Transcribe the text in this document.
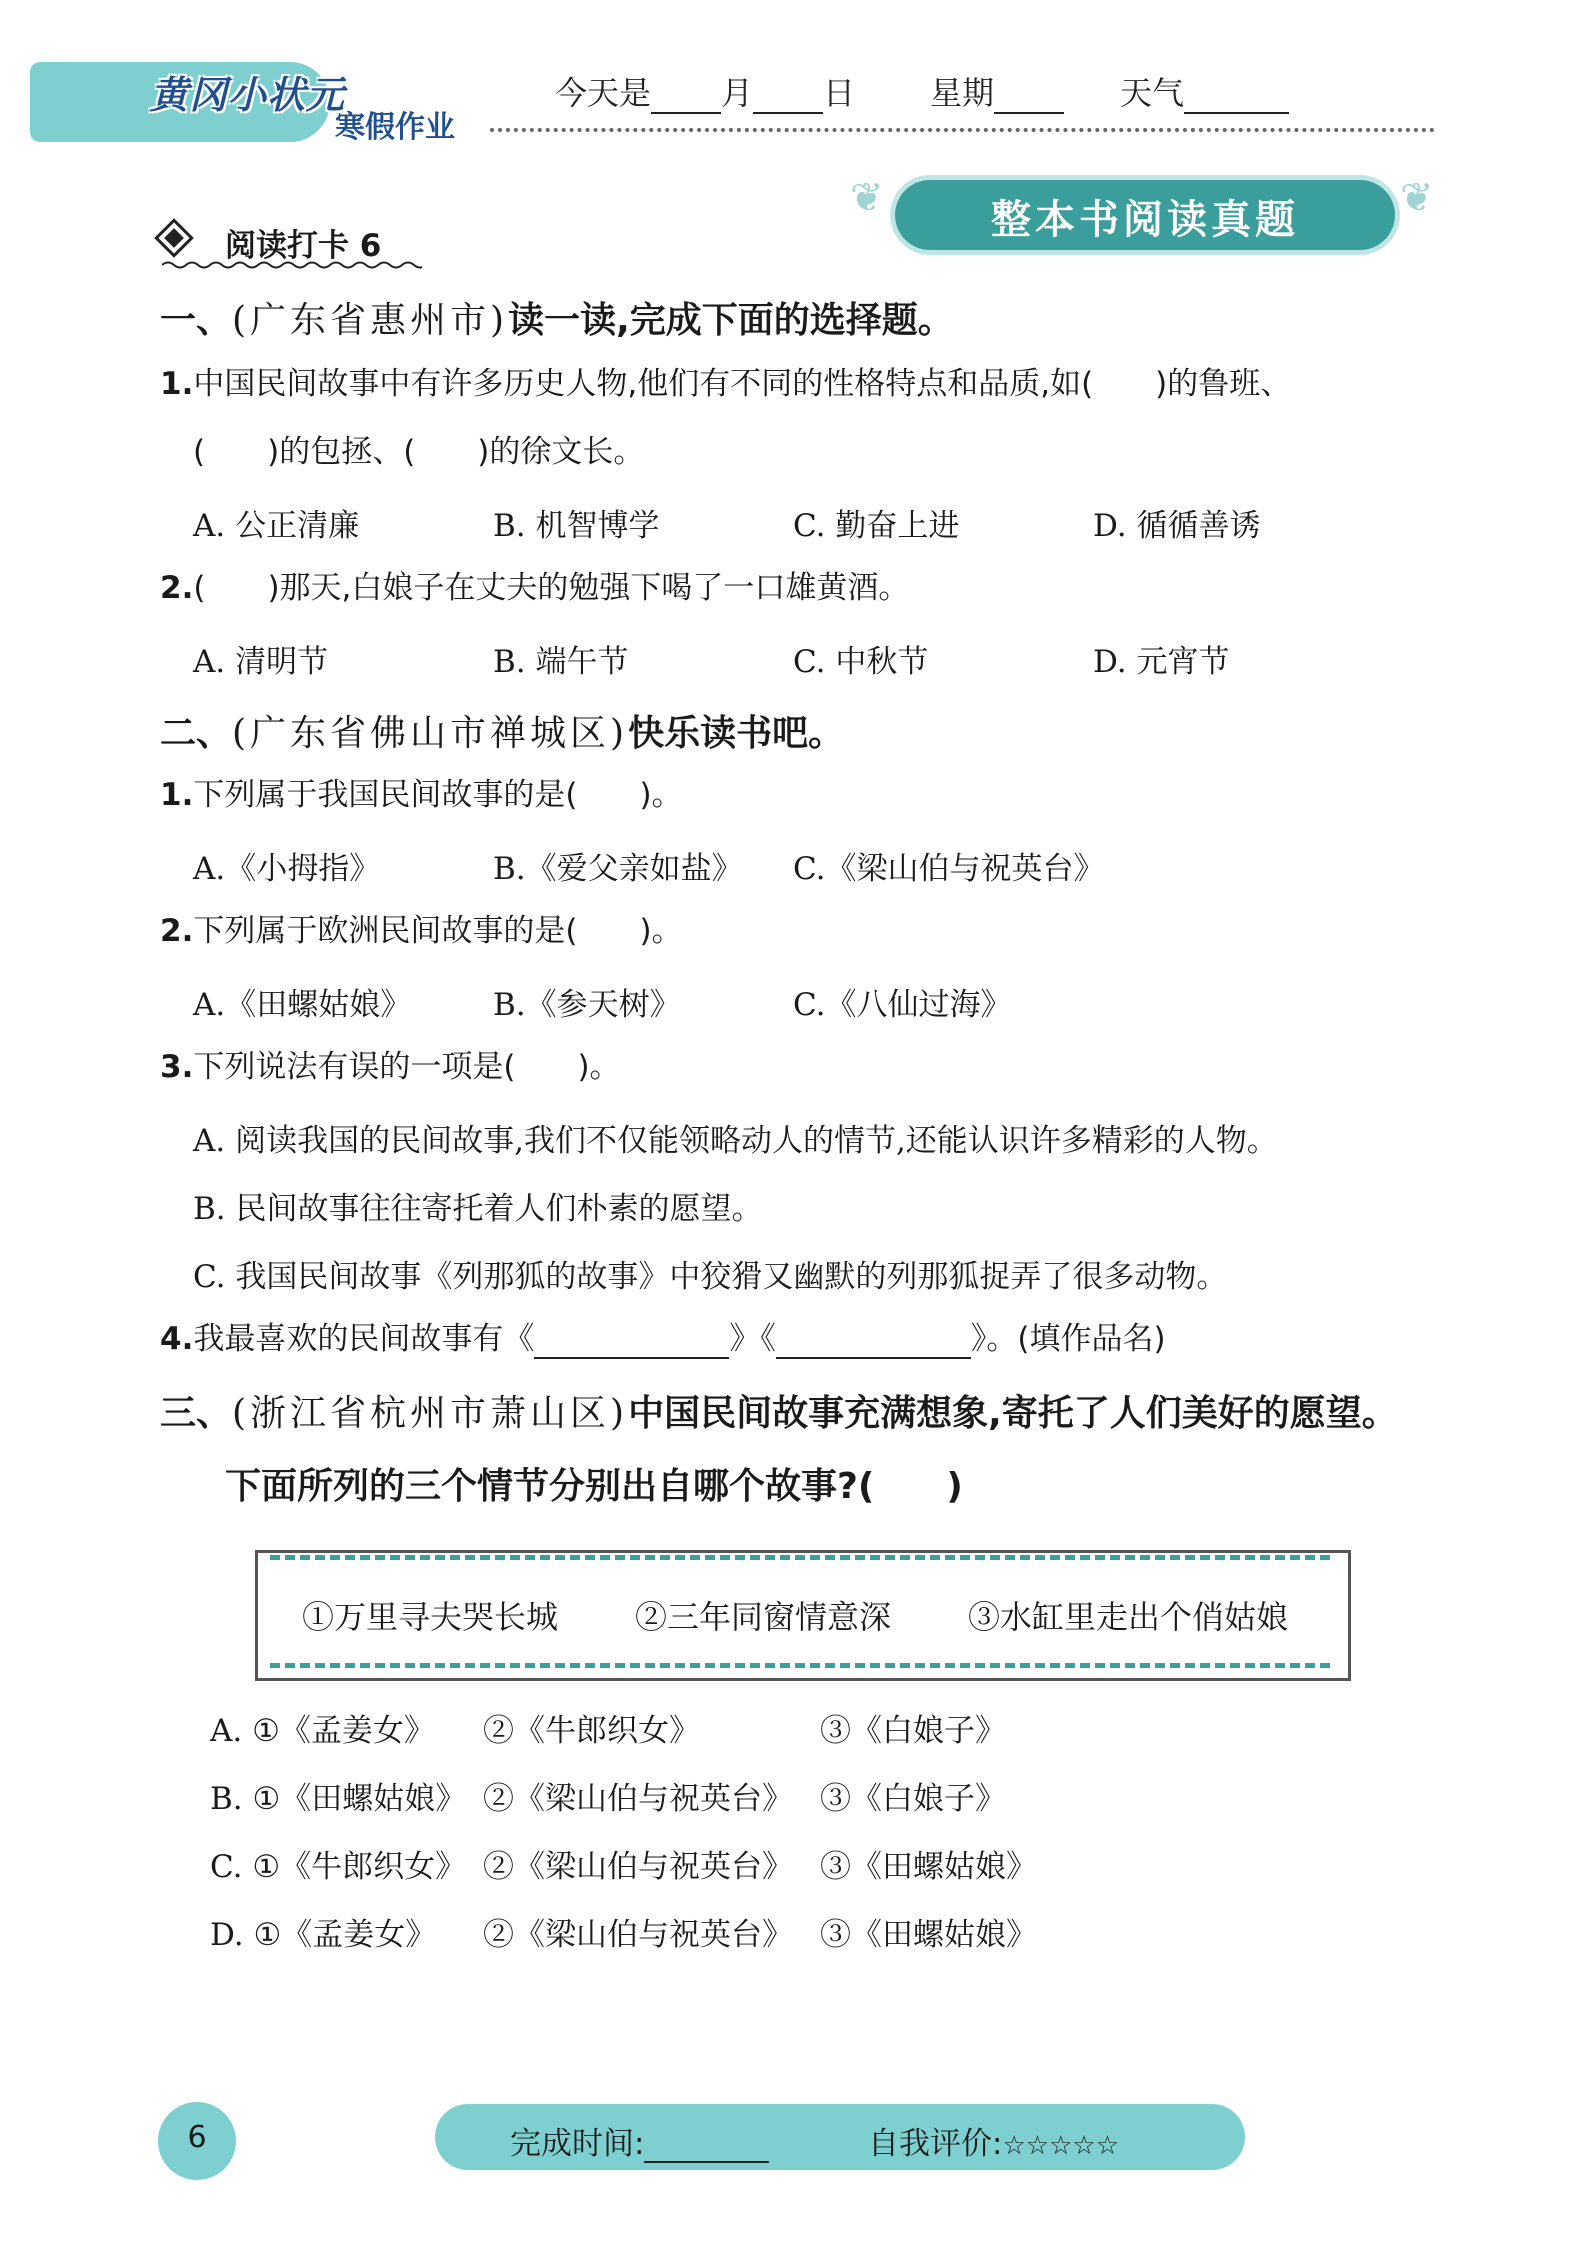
黄冈小状元
寒假作业
今天是 月 日 星期	天气
❦	❦
整本书阅读真题
阅读打卡 6
一、(广东省惠州市)读一读,完成下面的选择题。
1.中国民间故事中有许多历史人物,他们有不同的性格特点和品质,如(　　)的鲁班、
(　　)的包拯、(　　)的徐文长。
A. 公正清廉	B. 机智博学	C. 勤奋上进	D. 循循善诱
2.(　　)那天,白娘子在丈夫的勉强下喝了一口雄黄酒。
A. 清明节	B. 端午节	C. 中秋节	D. 元宵节
二、(广东省佛山市禅城区)快乐读书吧。
1.下列属于我国民间故事的是(　　)。
A.《小拇指》	B.《爱父亲如盐》 C.《梁山伯与祝英台》
2.下列属于欧洲民间故事的是(　　)。
A.《田螺姑娘》	B.《参天树》	C.《八仙过海》
3.下列说法有误的一项是(　　)。
A. 阅读我国的民间故事,我们不仅能领略动人的情节,还能认识许多精彩的人物。
B. 民间故事往往寄托着人们朴素的愿望。
C. 我国民间故事《列那狐的故事》中狡猾又幽默的列那狐捉弄了很多动物。
4.我最喜欢的民间故事有《	》《	》。(填作品名)
三、(浙江省杭州市萧山区)中国民间故事充满想象,寄托了人们美好的愿望。
下面所列的三个情节分别出自哪个故事?(　　)
①万里寻夫哭长城 ②三年同窗情意深 ③水缸里走出个俏姑娘
A. ①《孟姜女》 ②《牛郎织女》	③《白娘子》
B. ①《田螺姑娘》 ②《梁山伯与祝英台》 ③《白娘子》
C. ①《牛郎织女》 ②《梁山伯与祝英台》 ③《田螺姑娘》
D. ①《孟姜女》 ②《梁山伯与祝英台》 ③《田螺姑娘》
6	完成时间:	自我评价:☆☆☆☆☆
